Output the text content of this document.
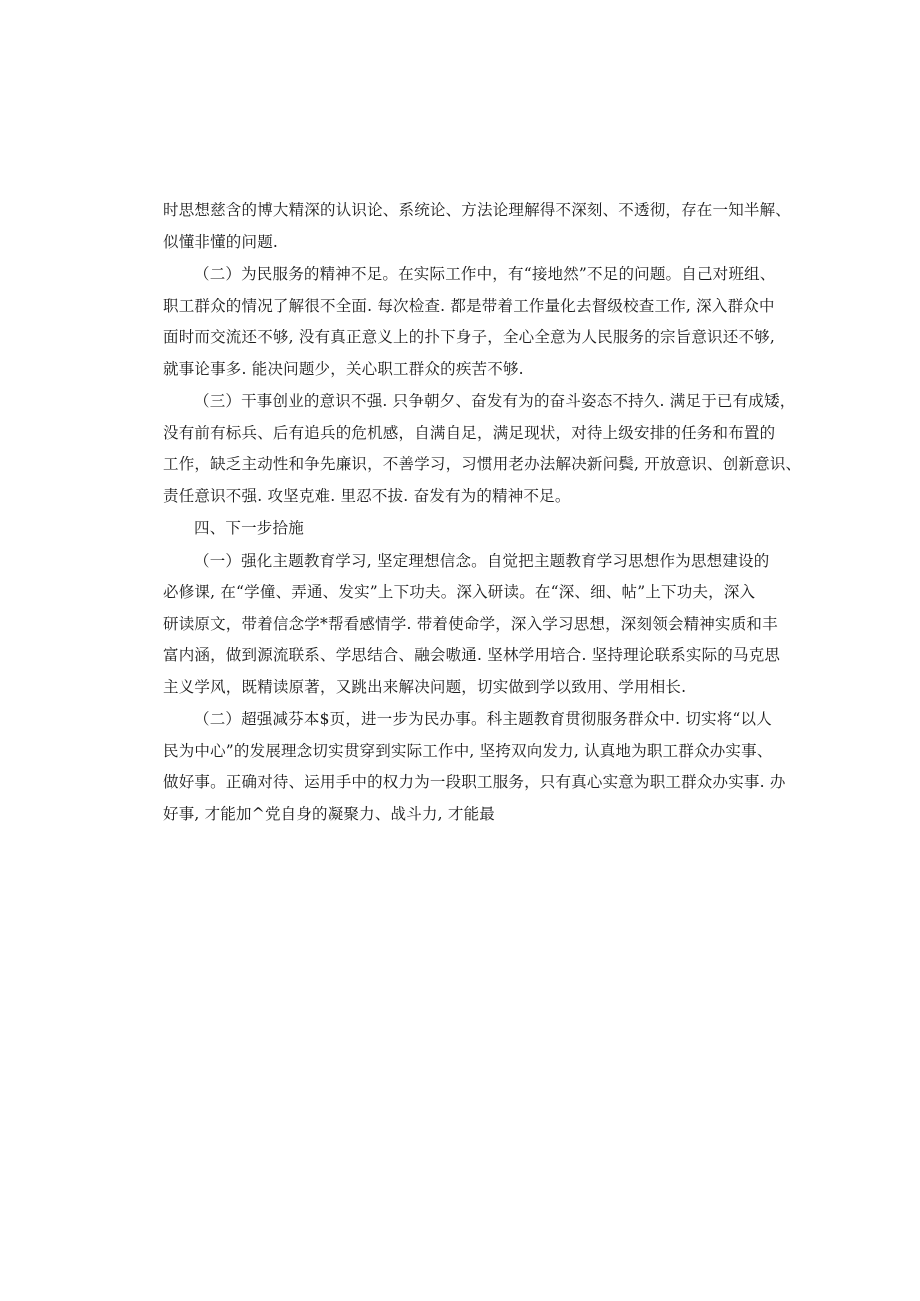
时思想慈含的博大精深的认识论、系统论、方法论理解得不深刻、不透彻，存在一知半解、
似懂非懂的问题.

（二）为民服务的精神不足。在实际工作中，有“接地然”不足的问题。自己对班组、
职工群众的情况了解很不全面. 每次检查. 都是带着工作量化去督级校查工作, 深入群众中
面时而交流还不够, 没有真正意义上的扑下身子，全心全意为人民服务的宗旨意识还不够,
就事论事多. 能决问题少，关心职工群众的疾苦不够.

（三）干事创业的意识不强. 只争朝夕、奋发有为的奋斗姿态不持久. 满足于已有成矮，
没有前有标兵、后有追兵的危机感，自满自足，满足现状，对待上级安排的任务和布置的
工作，缺乏主动性和争先廉识，不善学习，习惯用老办法解决新问鬓, 开放意识、创新意识、
责任意识不强. 攻坚克难. 里忍不拔. 奋发有为的精神不足。

四、下一步拾施

（一）强化主题教育学习, 坚定理想信念。自觉把主题教育学习思想作为思想建设的
必修课, 在“学僮、弄通、发实”上下功夫。深入研读。在“深、细、帖”上下功夫，深入
研读原文，带着信念学*帮看感情学. 带着使命学，深入学习思想，深刻领会精神实质和丰
富内涵，做到源流联系、学思结合、融会嗷通. 坚林学用培合. 坚持理论联系实际的马克思
主义学风，既精读原著，又跳出来解决问题，切实做到学以致用、学用相长.

（二）超强减芬本$页，进一步为民办事。科主题教育贯彻服务群众中. 切实将“以人
民为中心”的发展理念切实贯穿到实际工作中, 坚挎双向发力, 认真地为职工群众办实事、
做好事。正确对待、运用手中的权力为一段职工服务，只有真心实意为职工群众办实事. 办
好事, 才能加^党自身的凝聚力、战斗力, 才能最
